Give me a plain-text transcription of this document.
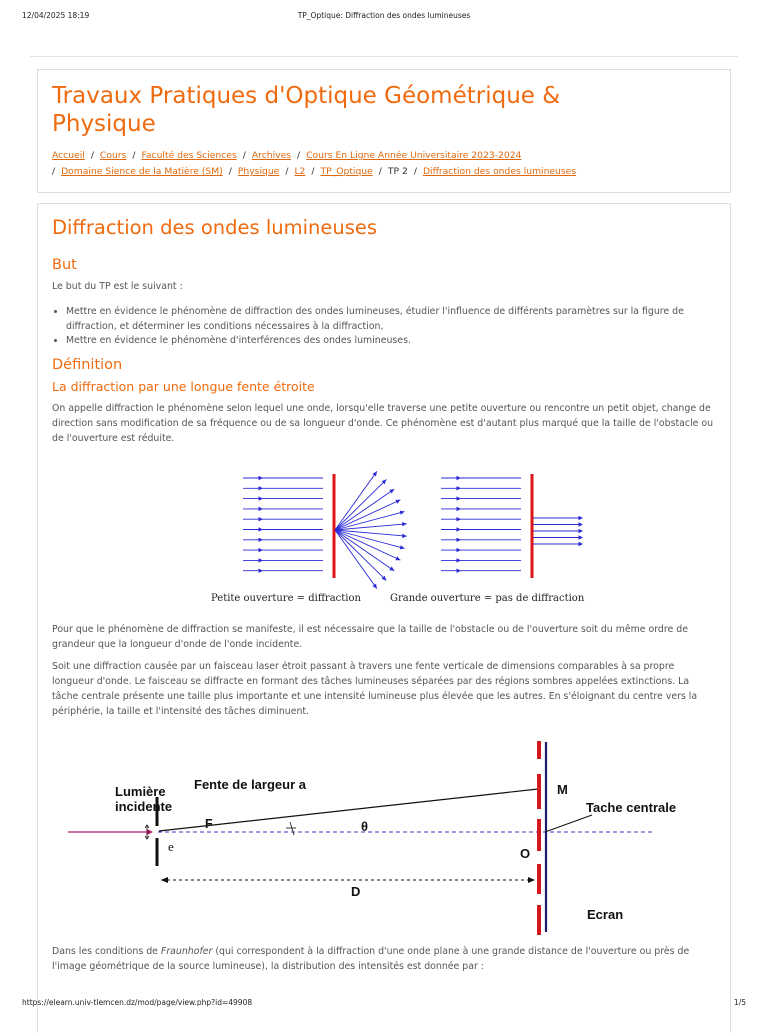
12/04/2025 18:19	TP_Optique: Diffraction des ondes lumineuses
Travaux Pratiques d'Optique Géométrique & Physique
Accueil / Cours / Faculté des Sciences / Archives / Cours En Ligne Année Universitaire 2023-2024
/ Domaine Sience de la Matière (SM) / Physique / L2 / TP_Optique / TP 2 / Diffraction des ondes lumineuses
Diffraction des ondes lumineuses
But

Le but du TP est le suivant :

• Mettre en évidence le phénomène de diffraction des ondes lumineuses, étudier l'influence de différents paramètres sur la figure de diffraction, et déterminer les conditions nécessaires à la diffraction,
• Mettre en évidence le phénomène d'interférences des ondes lumineuses.
Définition
La diffraction par une longue fente étroite

On appelle diffraction le phénomène selon lequel une onde, lorsqu'elle traverse une petite ouverture ou rencontre un petit objet, change de direction sans modification de sa fréquence ou de sa longueur d'onde. Ce phénomène est d'autant plus marqué que la taille de l'obstacle ou de l'ouverture est réduite.

Petite ouverture = diffraction	Grande ouverture = pas de diffraction

Pour que le phénomène de diffraction se manifeste, il est nécessaire que la taille de l'obstacle ou de l'ouverture soit du même ordre de grandeur que la longueur d'onde de l'onde incidente.

Soit une diffraction causée par un faisceau laser étroit passant à travers une fente verticale de dimensions comparables à sa propre longueur d'onde. Le faisceau se diffracte en formant des tâches lumineuses séparées par des régions sombres appelées extinctions. La tâche centrale présente une taille plus importante et une intensité lumineuse plus élevée que les autres. En s'éloignant du centre vers la périphérie, la taille et l'intensité des tâches diminuent.

Lumière
incidente
Fente de largeur a
F
e
θ
M
O
Tache centrale
D
Ecran

Dans les conditions de Fraunhofer (qui correspondent à la diffraction d'une onde plane à une grande distance de l'ouverture ou près de l'image géométrique de la source lumineuse), la distribution des intensités est donnée par :

https://elearn.univ-tlemcen.dz/mod/page/view.php?id=49908	1/5
